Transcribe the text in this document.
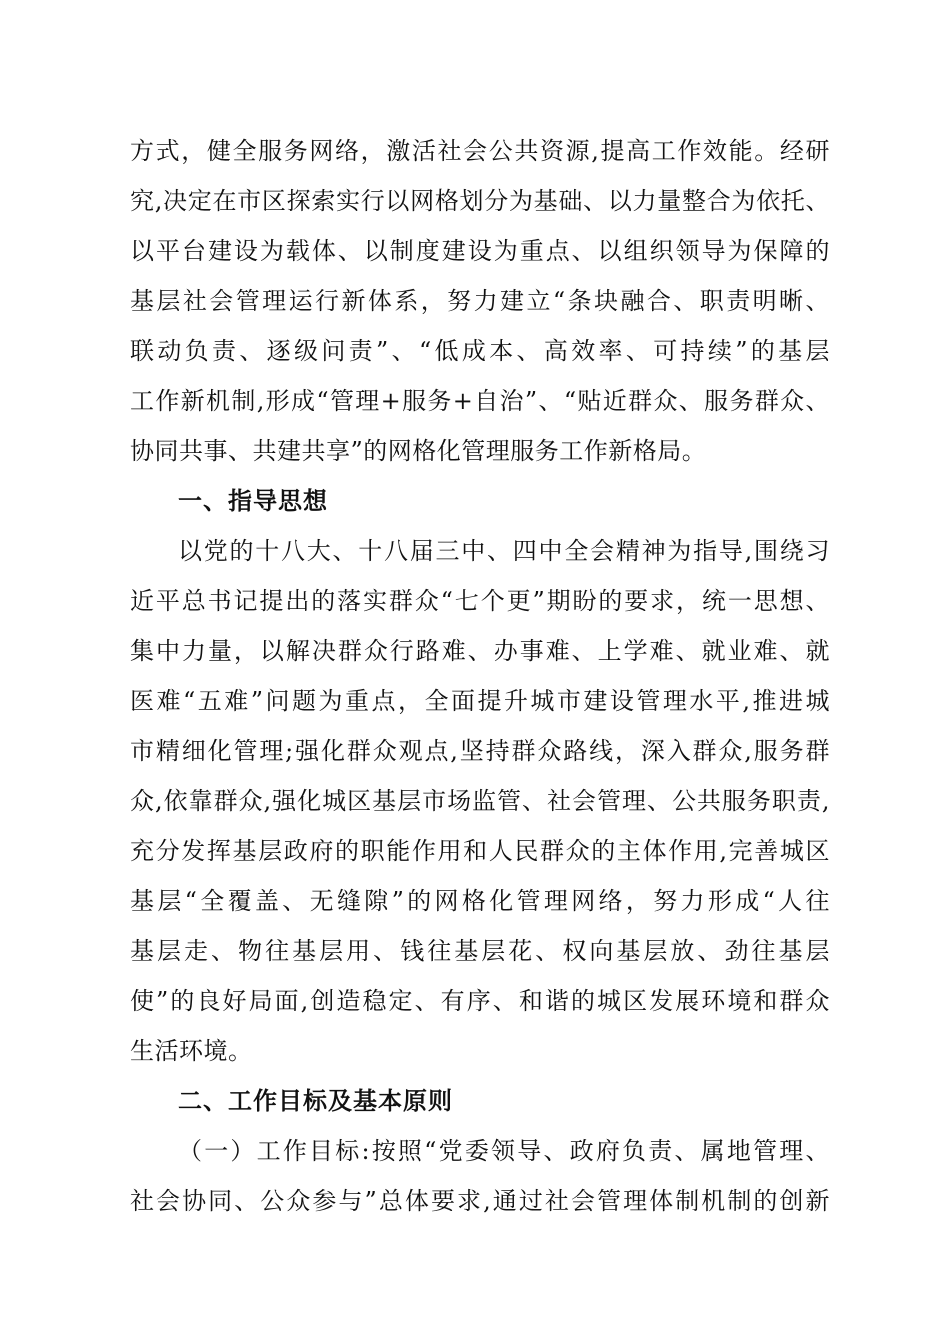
方式，健全服务网络，激活社会公共资源,提高工作效能。经研
究,决定在市区探索实行以网格划分为基础、以力量整合为依托、
以平台建设为载体、以制度建设为重点、以组织领导为保障的
基层社会管理运行新体系，努力建立“条块融合、职责明晰、
联动负责、逐级问责”、“低成本、高效率、可持续”的基层
工作新机制,形成“管理+服务+自治”、“贴近群众、服务群众、
协同共事、共建共享”的网格化管理服务工作新格局。
一、指导思想
以党的十八大、十八届三中、四中全会精神为指导,围绕习
近平总书记提出的落实群众“七个更”期盼的要求，统一思想、
集中力量，以解决群众行路难、办事难、上学难、就业难、就
医难“五难”问题为重点，全面提升城市建设管理水平,推进城
市精细化管理;强化群众观点,坚持群众路线，深入群众,服务群
众,依靠群众,强化城区基层市场监管、社会管理、公共服务职责,
充分发挥基层政府的职能作用和人民群众的主体作用,完善城区
基层“全覆盖、无缝隙”的网格化管理网络，努力形成“人往
基层走、物往基层用、钱往基层花、权向基层放、劲往基层
使”的良好局面,创造稳定、有序、和谐的城区发展环境和群众
生活环境。
二、工作目标及基本原则
（一）工作目标:按照“党委领导、政府负责、属地管理、
社会协同、公众参与”总体要求,通过社会管理体制机制的创新
